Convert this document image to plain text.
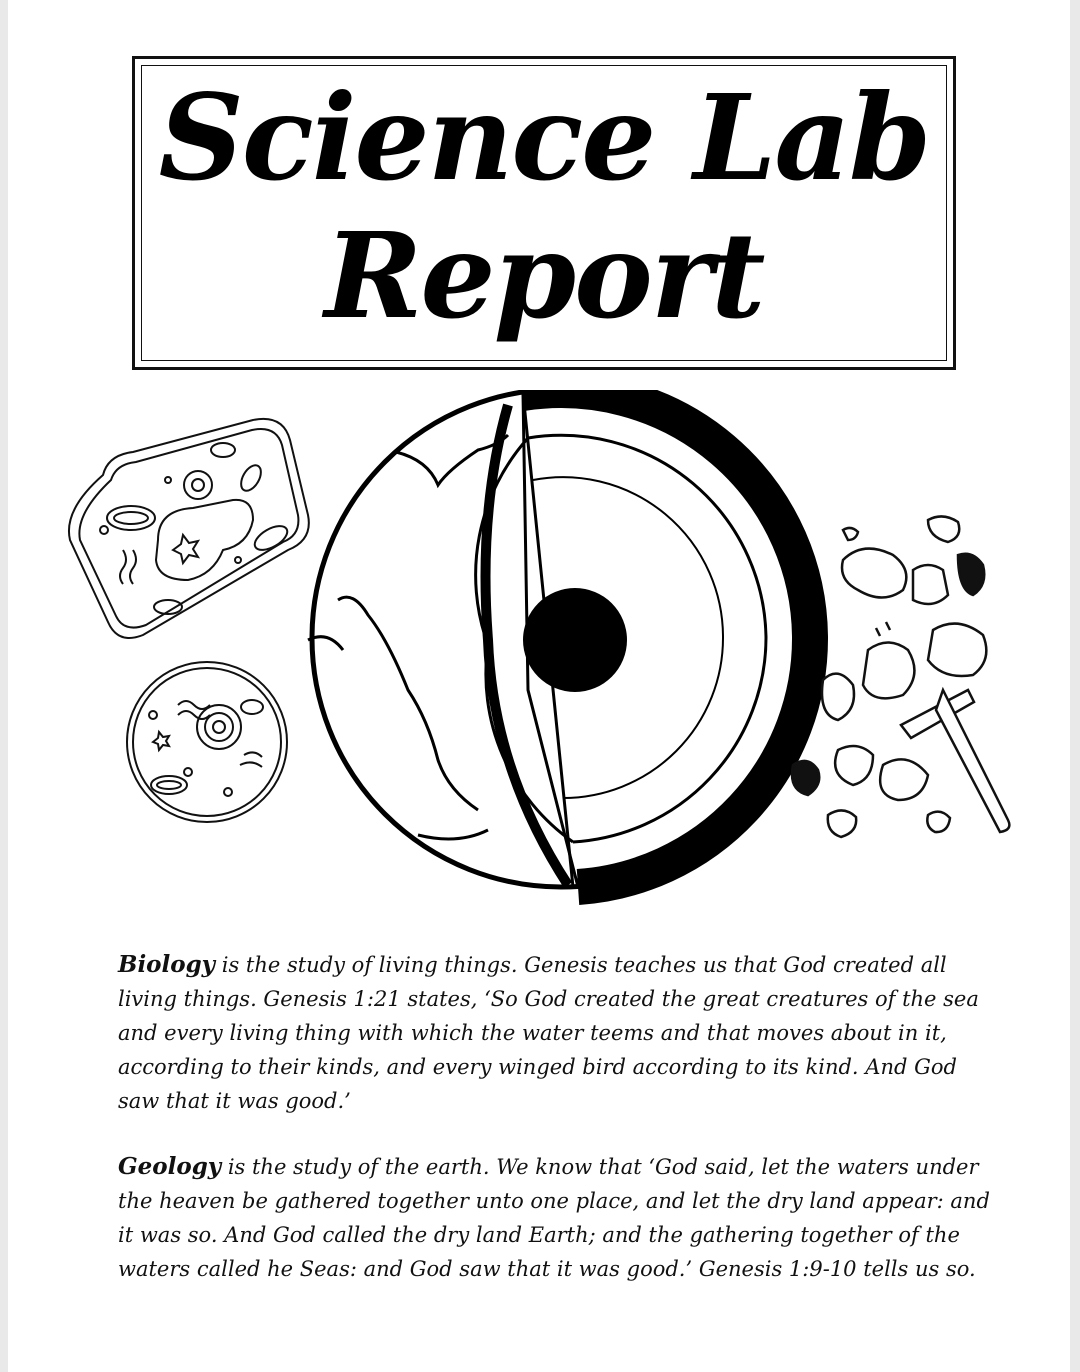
Science Lab
Report
Biology is the study of living things. Genesis teaches us that God created all living things. Genesis 1:21 states, ‘So God created the great creatures of the sea and every living thing with which the water teems and that moves about in it, according to their kinds, and every winged bird according to its kind. And God saw that it was good.’
Geology is the study of the earth. We know that ‘God said, let the waters under the heaven be gathered together unto one place, and let the dry land appear: and it was so. And God called the dry land Earth; and the gathering together of the waters called he Seas: and God saw that it was good.’ Genesis 1:9-10 tells us so.
